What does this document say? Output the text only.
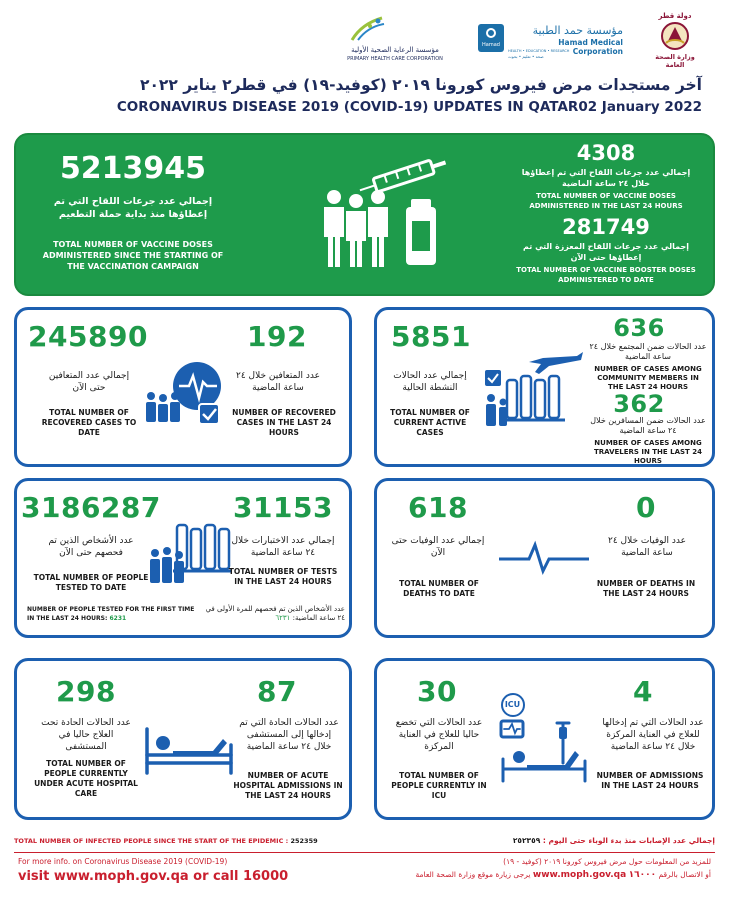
مؤسسة الرعاية الصحية الأولية
PRIMARY HEALTH CARE CORPORATION
Hamad
مؤسسة حمد الطبية
Hamad Medical Corporation
HEALTH • EDUCATION • RESEARCH
صحة • تعليم • بحوث
دولة قطر
وزارة الصحة العامة
آخر مستجدات مرض فيروس كورونا ٢٠١٩ (كوفيد-١٩) في قطر٢ يناير ٢٠٢٢
CORONAVIRUS DISEASE 2019 (COVID-19) UPDATES IN QATAR02 January 2022
5213945
إجمالي عدد جرعات اللقاح التي تم إعطاؤها منذ بداية حملة التطعيم
TOTAL NUMBER OF VACCINE DOSES ADMINISTERED SINCE THE STARTING OF THE VACCINATION CAMPAIGN
4308
إجمالي عدد جرعات اللقاح التي تم إعطاؤها خلال ٢٤ ساعة الماضية
TOTAL NUMBER OF VACCINE DOSES ADMINISTERED IN THE LAST 24 HOURS
281749
إجمالي عدد جرعات اللقاح المعززة التي تم إعطاؤها حتى الآن
TOTAL NUMBER OF VACCINE BOOSTER DOSES ADMINISTERED TO DATE
245890
إجمالي عدد المتعافين حتى الآن
TOTAL NUMBER OF RECOVERED CASES TO DATE
192
عدد المتعافين خلال ٢٤ ساعة الماضية
NUMBER OF RECOVERED CASES IN THE LAST 24 HOURS
5851
إجمالي عدد الحالات النشطة الحالية
TOTAL NUMBER OF CURRENT ACTIVE CASES
636
عدد الحالات ضمن المجتمع خلال ٢٤ ساعة الماضية
NUMBER OF CASES AMONG COMMUNITY MEMBERS IN THE LAST 24 HOURS
362
عدد الحالات ضمن المسافرين خلال ٢٤ ساعة الماضية
NUMBER OF CASES AMONG TRAVELERS IN THE LAST 24 HOURS
3186287
عدد الأشخاص الذين تم فحصهم حتى الآن
TOTAL NUMBER OF PEOPLE TESTED TO DATE
31153
إجمالي عدد الاختبارات خلال ٢٤ ساعة الماضية
TOTAL NUMBER OF TESTS IN THE LAST 24 HOURS
NUMBER OF PEOPLE TESTED FOR THE FIRST TIME IN THE LAST 24 HOURS: 6231
عدد الأشخاص الذين تم فحصهم للمرة الأولى في ٢٤ ساعة الماضية: ٦٢٣١
618
إجمالي عدد الوفيات حتى الآن
TOTAL NUMBER OF DEATHS TO DATE
0
عدد الوفيات خلال ٢٤ ساعة الماضية
NUMBER OF DEATHS IN THE LAST 24 HOURS
298
عدد الحالات الحادة تحت العلاج حاليا في المستشفى
TOTAL NUMBER OF PEOPLE CURRENTLY UNDER ACUTE HOSPITAL CARE
87
عدد الحالات الحادة التي تم إدخالها إلى المستشفى خلال ٢٤ ساعة الماضية
NUMBER OF ACUTE HOSPITAL ADMISSIONS IN THE LAST 24 HOURS
30
عدد الحالات التي تخضع حاليا للعلاج في العناية المركزة
TOTAL NUMBER OF PEOPLE CURRENTLY IN ICU
ICU	4
عدد الحالات التي تم إدخالها للعلاج في العناية المركزة خلال ٢٤ ساعة الماضية
NUMBER OF ADMISSIONS IN THE LAST 24 HOURS
TOTAL NUMBER OF INFECTED PEOPLE SINCE THE START OF THE EPIDEMIC : 252359	إجمالي عدد الإصابات منذ بدء الوباء حتى اليوم : ٢٥٢٣٥٩
For more info. on Coronavirus Disease 2019 (COVID-19)
visit www.moph.gov.qa or call 16000
للمزيد من المعلومات حول مرض فيروس كورونا ٢٠١٩ (كوفيد - ١٩)
يرجى زيارة موقع وزارة الصحة العامة www.moph.gov.qa	أو الاتصال بالرقم ١٦٠٠٠
